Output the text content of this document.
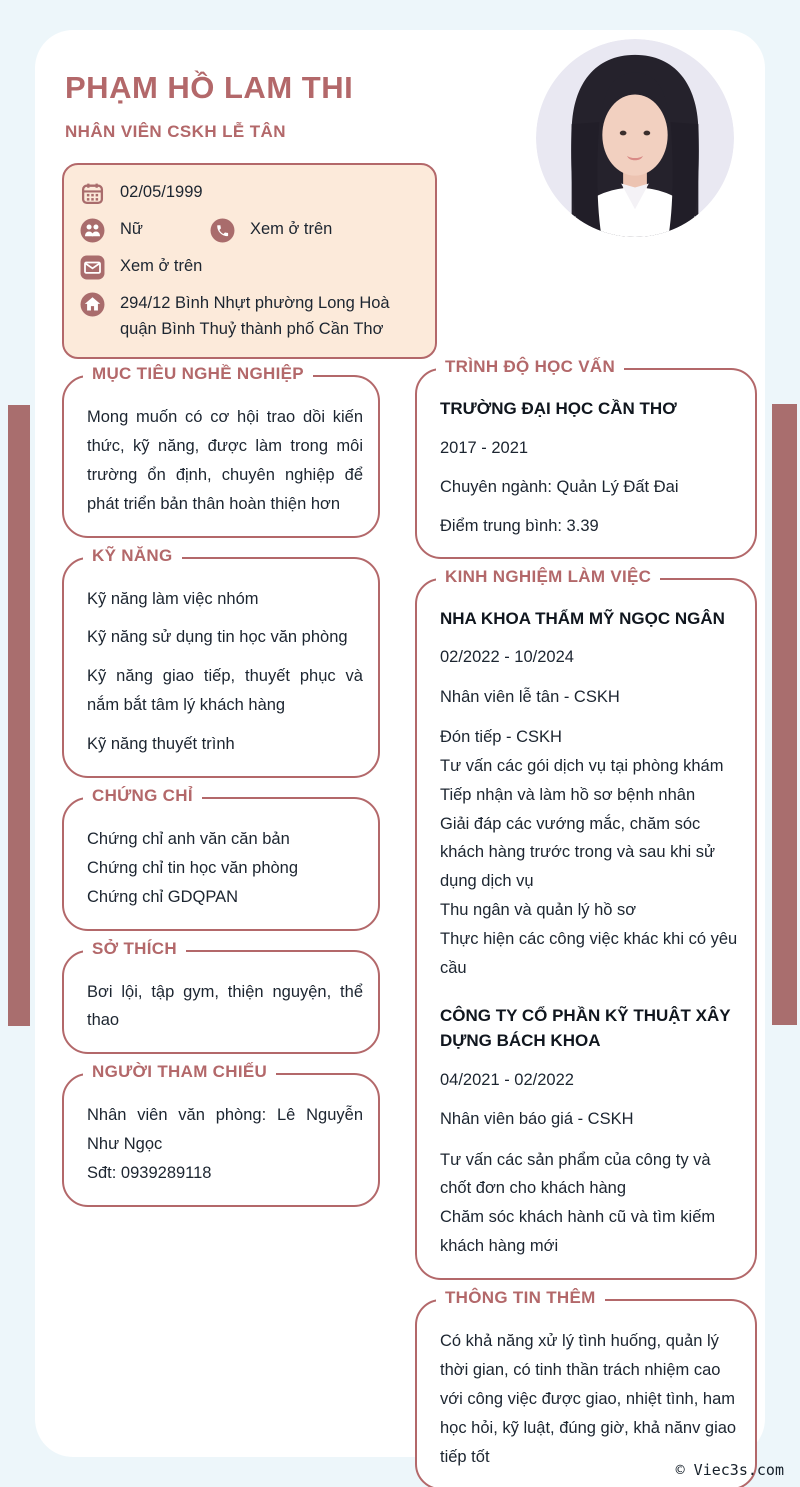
PHẠM HỒ LAM THI
NHÂN VIÊN CSKH LỄ TÂN
02/05/1999
Nữ	Xem ở trên
Xem ở trên
294/12 Bình Nhựt phường Long Hoà quận Bình Thuỷ thành phố Cần Thơ
MỤC TIÊU NGHỀ NGHIỆP
Mong muốn có cơ hội trao dồi kiến thức, kỹ năng, được làm trong môi trường ổn định, chuyên nghiệp để phát triển bản thân hoàn thiện hơn
KỸ NĂNG
Kỹ năng làm việc nhóm
Kỹ năng sử dụng tin học văn phòng
Kỹ năng giao tiếp, thuyết phục và nắm bắt tâm lý khách hàng
Kỹ năng thuyết trình
CHỨNG CHỈ
Chứng chỉ anh văn căn bản
Chứng chỉ tin học văn phòng
Chứng chỉ GDQPAN
SỞ THÍCH
Bơi lội, tập gym, thiện nguyện, thể thao
NGƯỜI THAM CHIẾU
Nhân viên văn phòng: Lê Nguyễn Như Ngọc
Sđt: 0939289118
TRÌNH ĐỘ HỌC VẤN
TRƯỜNG ĐẠI HỌC CẦN THƠ
2017 - 2021
Chuyên ngành: Quản Lý Đất Đai
Điểm trung bình: 3.39
KINH NGHIỆM LÀM VIỆC
NHA KHOA THẨM MỸ NGỌC NGÂN
02/2022 - 10/2024
Nhân viên lễ tân - CSKH
Đón tiếp - CSKH
Tư vấn các gói dịch vụ tại phòng khám
Tiếp nhận và làm hồ sơ bệnh nhân
Giải đáp các vướng mắc, chăm sóc khách hàng trước trong và sau khi sử dụng dịch vụ
Thu ngân và quản lý hồ sơ
Thực hiện các công việc khác khi có yêu cầu
CÔNG TY CỔ PHẦN KỸ THUẬT XÂY DỰNG BÁCH KHOA
04/2021 - 02/2022
Nhân viên báo giá - CSKH
Tư vấn các sản phẩm của công ty và chốt đơn cho khách hàng
Chăm sóc khách hành cũ và tìm kiếm khách hàng mới
THÔNG TIN THÊM
Có khả năng xử lý tình huống, quản lý thời gian, có tinh thần trách nhiệm cao với công việc được giao, nhiệt tình, ham học hỏi, kỹ luật, đúng giờ, khả nănv giao tiếp tốt
© Viec3s.com
